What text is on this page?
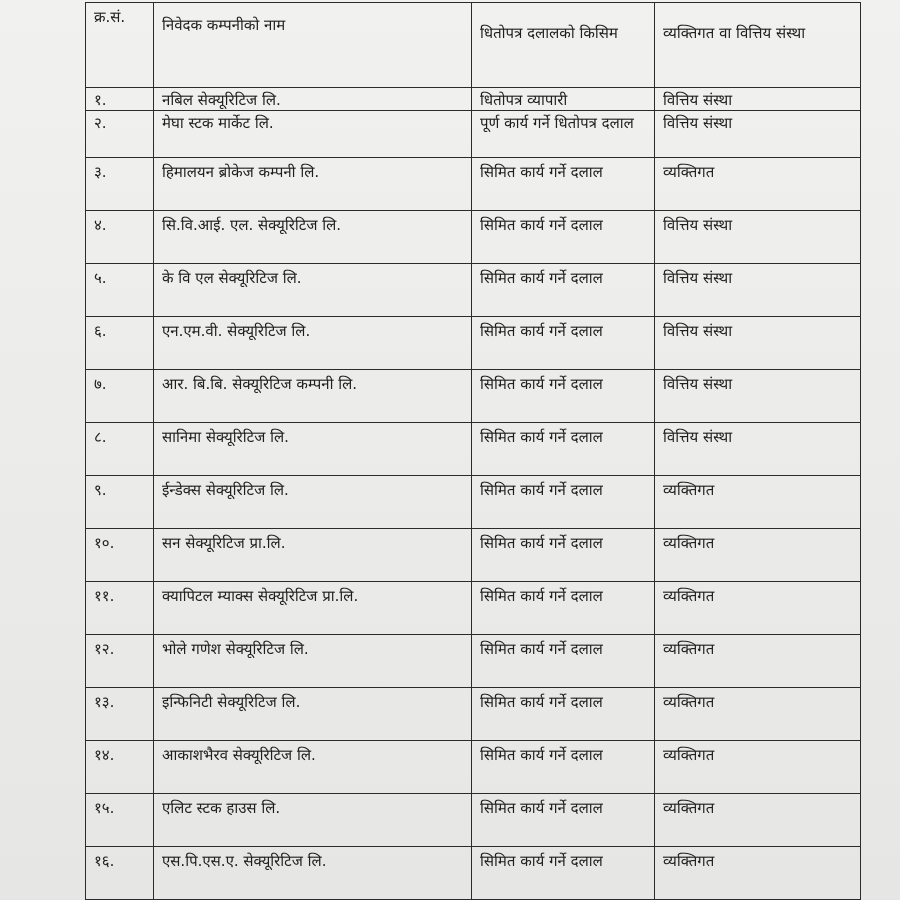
क्र.सं.	निवेदक कम्पनीको नाम	धितोपत्र दलालको किसिम	व्यक्तिगत वा वित्तिय संस्था
१.	नबिल सेक्यूरिटिज लि.	धितोपत्र व्यापारी	वित्तिय संस्था
२.	मेघा स्टक मार्केट लि.	पूर्ण कार्य गर्ने धितोपत्र दलाल	वित्तिय संस्था
३.	हिमालयन ब्रोकेज कम्पनी लि.	सिमित कार्य गर्ने दलाल	व्यक्तिगत
४.	सि.वि.आई. एल. सेक्यूरिटिज लि.	सिमित कार्य गर्ने दलाल	वित्तिय संस्था
५.	के वि एल सेक्यूरिटिज लि.	सिमित कार्य गर्ने दलाल	वित्तिय संस्था
६.	एन.एम.वी. सेक्यूरिटिज लि.	सिमित कार्य गर्ने दलाल	वित्तिय संस्था
७.	आर. बि.बि. सेक्यूरिटिज कम्पनी लि.	सिमित कार्य गर्ने दलाल	वित्तिय संस्था
८.	सानिमा सेक्यूरिटिज लि.	सिमित कार्य गर्ने दलाल	वित्तिय संस्था
९.	ईन्डेक्स सेक्यूरिटिज लि.	सिमित कार्य गर्ने दलाल	व्यक्तिगत
१०.	सन सेक्यूरिटिज प्रा.लि.	सिमित कार्य गर्ने दलाल	व्यक्तिगत
११.	क्यापिटल म्याक्स सेक्यूरिटिज प्रा.लि.	सिमित कार्य गर्ने दलाल	व्यक्तिगत
१२.	भोले गणेश सेक्यूरिटिज लि.	सिमित कार्य गर्ने दलाल	व्यक्तिगत
१३.	इन्फिनिटी सेक्यूरिटिज लि.	सिमित कार्य गर्ने दलाल	व्यक्तिगत
१४.	आकाशभैरव सेक्यूरिटिज लि.	सिमित कार्य गर्ने दलाल	व्यक्तिगत
१५.	एलिट स्टक हाउस लि.	सिमित कार्य गर्ने दलाल	व्यक्तिगत
१६.	एस.पि.एस.ए. सेक्यूरिटिज लि.	सिमित कार्य गर्ने दलाल	व्यक्तिगत
